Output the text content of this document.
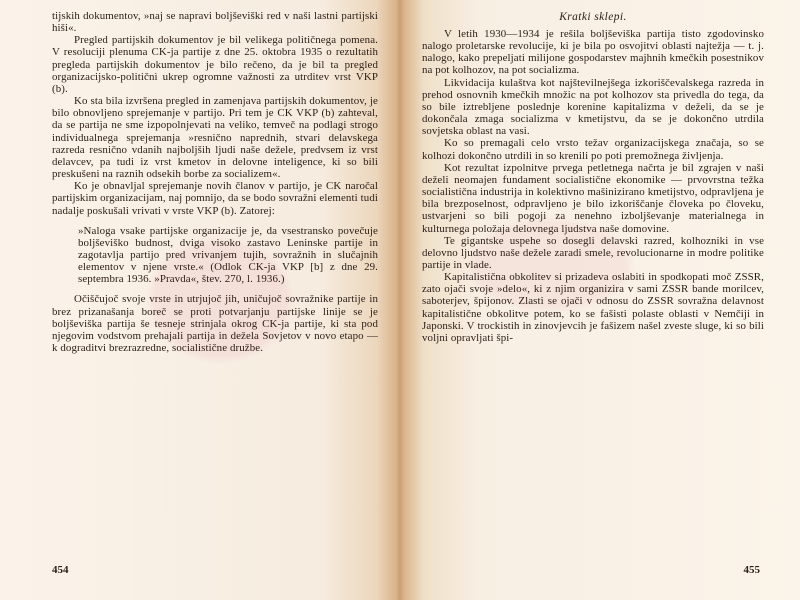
tijskih dokumentov, »naj se napravi boljševiški red v naši lastni partijski hiši«.

Pregled partijskih dokumentov je bil velikega političnega pomena. V resoluciji plenuma CK-ja partije z dne 25. oktobra 1935 o rezultatih pregleda partijskih dokumentov je bilo rečeno, da je bil ta pregled organizacijsko-političnì ukrep ogromne važnosti za utrditev vrst VKP (b).

Ko sta bila izvršena pregled in zamenjava partijskih dokumentov, je bilo obnovljeno sprejemanje v partijo. Pri tem je CK VKP (b) zahteval, da se partija ne sme izpopolnjevati na veliko, temveč na podlagi strogo individualnega sprejemanja »resnično naprednih, stvari delavskega razreda resnično vdanih najboljših ljudi naše dežele, predvsem iz vrst delavcev, pa tudi iz vrst kmetov in delovne inteligence, ki so bili preskušeni na raznih odsekih borbe za socializem«.

Ko je obnavljal sprejemanje novih članov v partijo, je CK naročal partijskim organizacijam, naj pomnijo, da se bodo sovražni elementi tudi nadalje poskušali vrivati v vrste VKP (b). Zatorej:

»Naloga vsake partijske organizacije je, da vsestransko povečuje boljševiško budnost, dviga visoko zastavo Leninske partije in zagotavlja partijo pred vrivanjem tujih, sovražnih in slučajnih elementov v njene vrste.« (Odlok CK-ja VKP [b] z dne 29. septembra 1936. »Pravda«, štev. 270, l. 1936.)

Očiščujoč svoje vrste in utrjujoč jih, uničujoč sovražnike partije in brez prizanašanja boreč se proti potvarjanju partijske linije se je boljševiška partija še tesneje strinjala okrog CK-ja partije, ki sta pod njegovim vodstvom prehajali partija in dežela Sovjetov v novo etapo — k dograditvi brezrazredne, socialistične družbe.

454
Kratki sklepi.

V letih 1930—1934 je rešila boljševiška partija tisto zgodovinsko nalogo proletarske revolucije, ki je bila po osvojitvi oblasti najtežja — t. j. nalogo, kako prepeljati milijone gospodarstev majhnih kmečkih posestnikov na pot kolhozov, na pot socializma.

Likvidacija kulaštva kot najštevilnejšega izkoriščevalskega razreda in prehod osnovnih kmečkih množic na pot kolhozov sta privedla do tega, da so bile iztrebljene poslednje korenine kapitalizma v deželi, da se je dokončala zmaga socializma v kmetijstvu, da se je dokončno utrdila sovjetska oblast na vasi.

Ko so premagali celo vrsto težav organizacijskega značaja, so se kolhozi dokončno utrdili in so krenili po poti premožnega življenja.

Kot rezultat izpolnitve prvega petletnega načrta je bil zgrajen v naši deželi neomajen fundament socialistične ekonomike — prvovrstna težka socialistična industrija in kolektivno mašinizirano kmetijstvo, odpravljena je bila brezposelnost, odpravljeno je bilo izkoriščanje človeka po človeku, ustvarjeni so bili pogoji za nenehno izboljševanje materialnega in kulturnega položaja delovnega ljudstva naše domovine.

Te gigantske uspehe so dosegli delavski razred, kolhozniki in vse delovno ljudstvo naše dežele zaradi smele, revolucionarne in modre politike partije in vlade.

Kapitalistična obkolitev si prizadeva oslabiti in spodkopati moč ZSSR, zato ojači svoje »delo«, ki z njim organizira v sami ZSSR bande morilcev, saboterjev, špijonov. Zlasti se ojači v odnosu do ZSSR sovražna delavnost kapitalistične obkolitve potem, ko se fašisti polaste oblasti v Nemčiji in Japonski. V trockistih in zinovjevcih je fašizem našel zveste sluge, ki so bili voljni opravljati špi-

455
